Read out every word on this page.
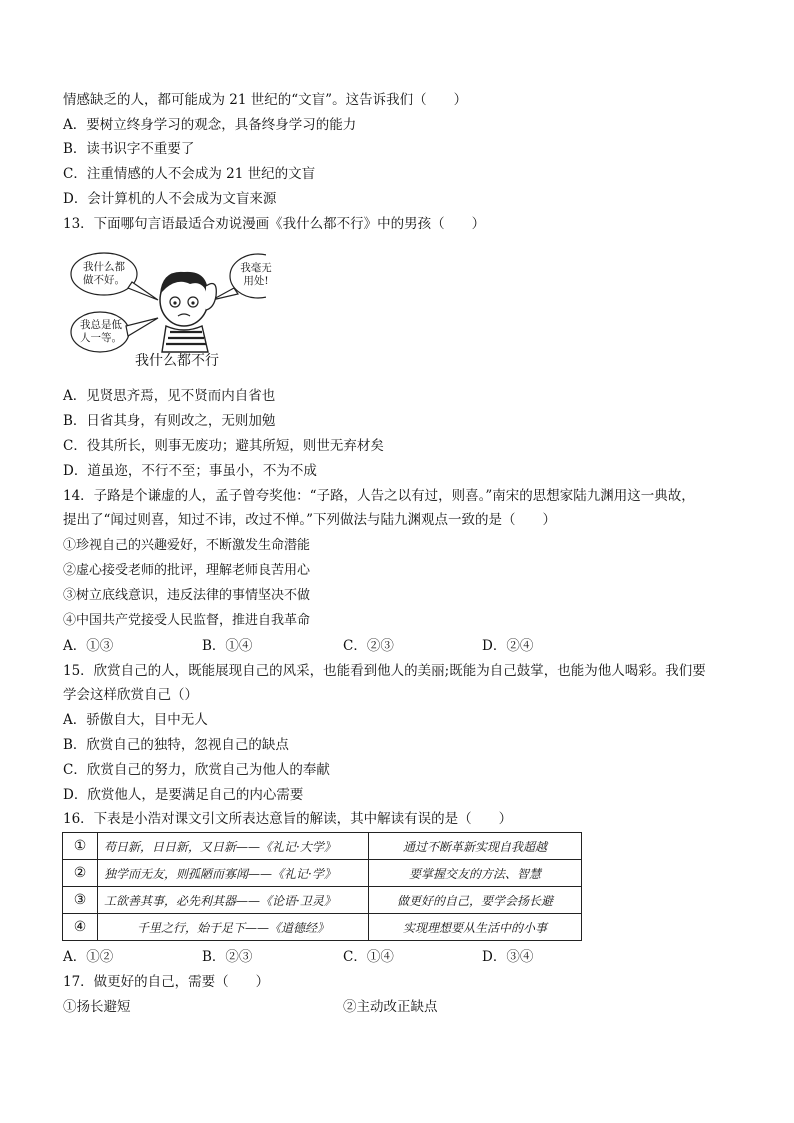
情感缺乏的人，都可能成为 21 世纪的“文盲”。这告诉我们（　　）
A．要树立终身学习的观念，具备终身学习的能力
B．读书识字不重要了
C．注重情感的人不会成为 21 世纪的文盲
D．会计算机的人不会成为文盲来源
13．下面哪句言语最适合劝说漫画《我什么都不行》中的男孩（　　）
我什么都做不好。
我毫无用处!
我总是低人一等。
我什么都不行
A．见贤思齐焉，见不贤而内自省也
B．日省其身，有则改之，无则加勉
C．役其所长，则事无废功；避其所短，则世无弃材矣
D．道虽迩，不行不至；事虽小，不为不成
14．子路是个谦虚的人，孟子曾夸奖他：“子路，人告之以有过，则喜。”南宋的思想家陆九渊用这一典故，
提出了“闻过则喜，知过不讳，改过不惮。”下列做法与陆九渊观点一致的是（　　）
①珍视自己的兴趣爱好，不断激发生命潜能
②虚心接受老师的批评，理解老师良苦用心
③树立底线意识，违反法律的事情坚决不做
④中国共产党接受人民监督，推进自我革命
A．①③	B．①④	C．②③	D．②④
15．欣赏自己的人，既能展现自己的风采，也能看到他人的美丽;既能为自己鼓掌，也能为他人喝彩。我们要
学会这样欣赏自己（）
A．骄傲自大，目中无人
B．欣赏自己的独特，忽视自己的缺点
C．欣赏自己的努力，欣赏自己为他人的奉献
D．欣赏他人，是要满足自己的内心需要
16．下表是小浩对课文引文所表达意旨的解读，其中解读有误的是（　　）
①	苟日新，日日新，又日新——《礼记·大学》	通过不断革新实现自我超越
②	独学而无友，则孤陋而寡闻——《礼记·学》	要掌握交友的方法、智慧
③	工欲善其事，必先利其器——《论语·卫灵》	做更好的自己，要学会扬长避
④	千里之行，始于足下——《道德经》	实现理想要从生活中的小事
A．①②	B．②③	C．①④	D．③④
17．做更好的自己，需要（　　）
①扬长避短	②主动改正缺点
